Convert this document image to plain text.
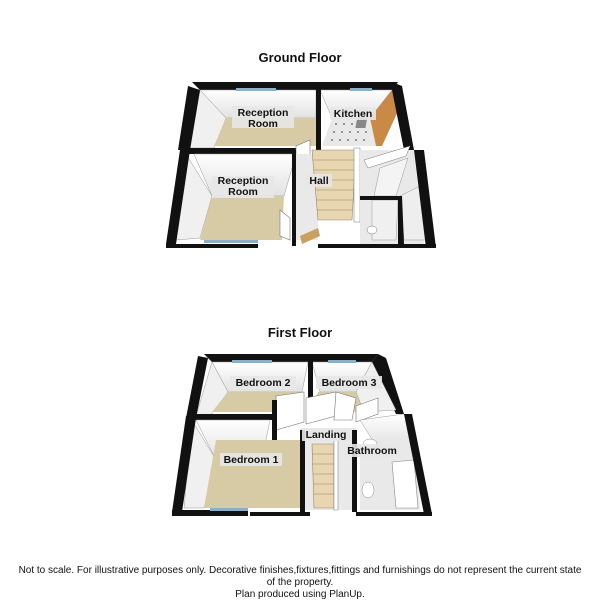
Ground Floor
Reception Room
Kitchen
Reception Room
Hall
Bedroom 2	Bedroom 3
Landing
Bedroom 1
Bathroom
First Floor
Not to scale. For illustrative purposes only. Decorative finishes,fixtures,fittings and furnishings do not represent the current state
of the property.
Plan produced using PlanUp.
